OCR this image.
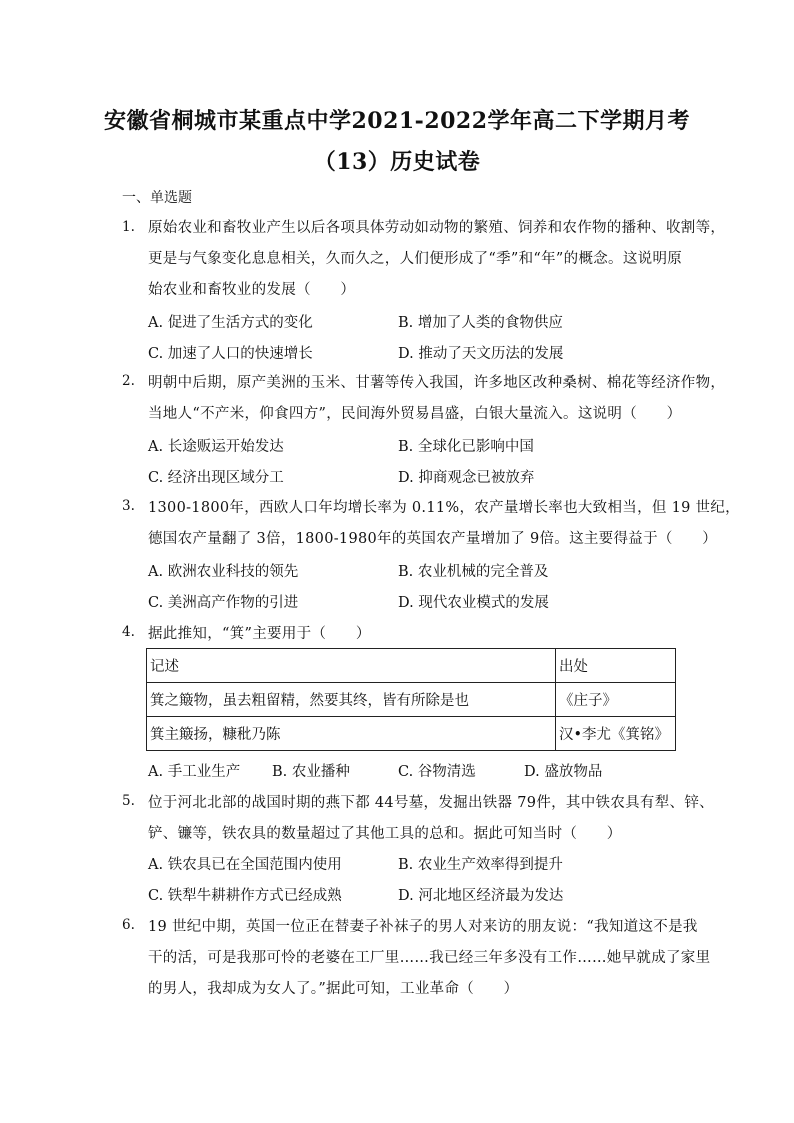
安徽省桐城市某重点中学2021-2022学年高二下学期月考
（13）历史试卷
一、单选题
1. 原始农业和畜牧业产生以后各项具体劳动如动物的繁殖、饲养和农作物的播种、收割等，
更是与气象变化息息相关，久而久之，人们便形成了“季”和“年”的概念。这说明原
始农业和畜牧业的发展（　　）
A. 促进了生活方式的变化	B. 增加了人类的食物供应
C. 加速了人口的快速增长	D. 推动了天文历法的发展
2. 明朝中后期，原产美洲的玉米、甘薯等传入我国，许多地区改种桑树、棉花等经济作物，
当地人“不产米，仰食四方”，民间海外贸易昌盛，白银大量流入。这说明（　　）
A. 长途贩运开始发达	B. 全球化已影响中国
C. 经济出现区域分工	D. 抑商观念已被放弃
3. 1300-1800年，西欧人口年均增长率为 0.11%，农产量增长率也大致相当，但 19 世纪，
德国农产量翻了 3倍，1800-1980年的英国农产量增加了 9倍。这主要得益于（　　）
A. 欧洲农业科技的领先	B. 农业机械的完全普及
C. 美洲高产作物的引进	D. 现代农业模式的发展
4. 据此推知，“箕”主要用于（　　）
记述	出处
箕之簸物，虽去粗留精，然要其终，皆有所除是也	《庄子》
箕主簸扬，糠秕乃陈	汉•李尤《箕铭》
A. 手工业生产 B. 农业播种	C. 谷物清选	D. 盛放物品
5. 位于河北北部的战国时期的燕下都 44号墓，发掘出铁器 79件，其中铁农具有犁、锌、
铲、镰等，铁农具的数量超过了其他工具的总和。据此可知当时（　　）
A. 铁农具已在全国范围内使用	B. 农业生产效率得到提升
C. 铁犁牛耕耕作方式已经成熟	D. 河北地区经济最为发达
6. 19 世纪中期，英国一位正在替妻子补袜子的男人对来访的朋友说：“我知道这不是我
干的活，可是我那可怜的老婆在工厂里……我已经三年多没有工作……她早就成了家里
的男人，我却成为女人了。”据此可知，工业革命（　　）
